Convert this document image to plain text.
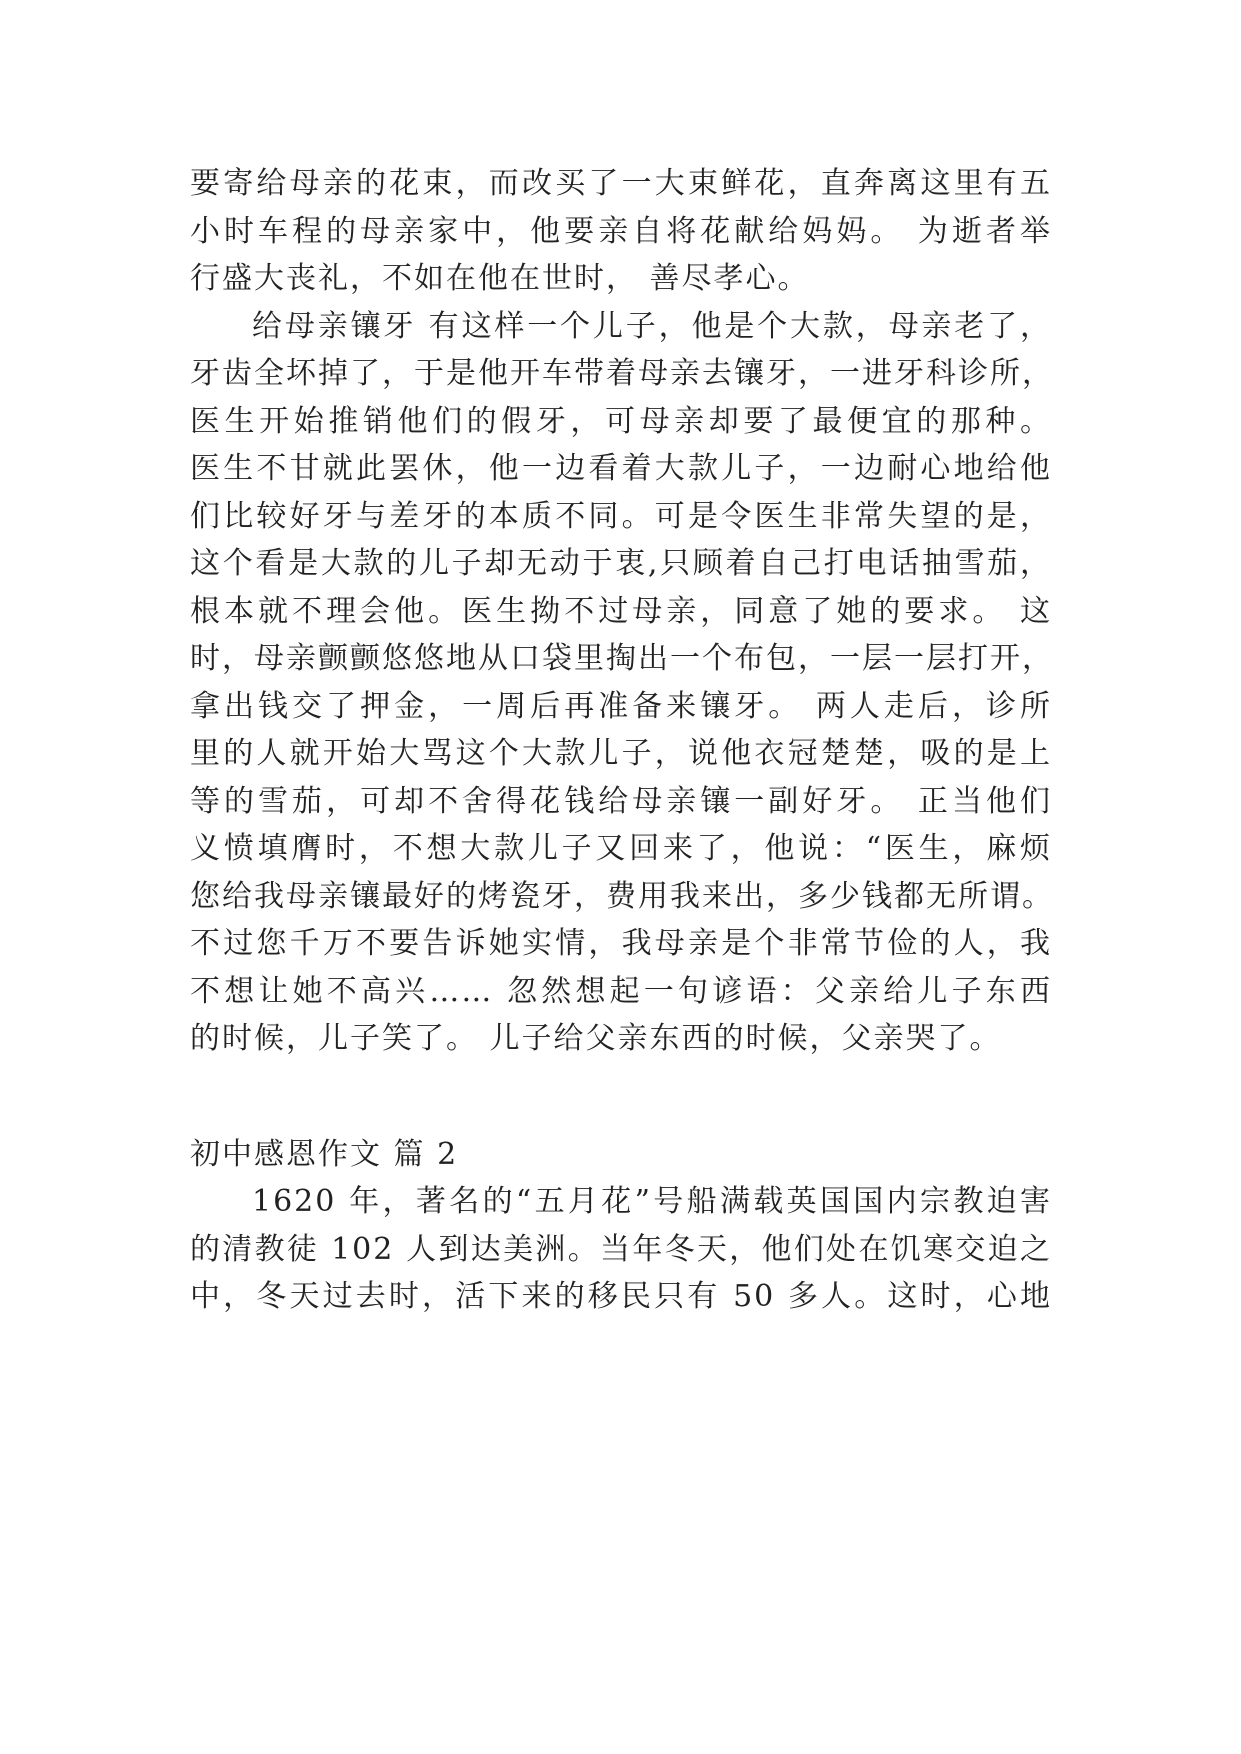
要寄给母亲的花束，而改买了一大束鲜花，直奔离这里有五
小时车程的母亲家中，他要亲自将花献给妈妈。 为逝者举
行盛大丧礼，不如在他在世时， 善尽孝心。
给母亲镶牙 有这样一个儿子，他是个大款，母亲老了，
牙齿全坏掉了，于是他开车带着母亲去镶牙，一进牙科诊所，
医生开始推销他们的假牙，可母亲却要了最便宜的那种。
医生不甘就此罢休，他一边看着大款儿子，一边耐心地给他
们比较好牙与差牙的本质不同。可是令医生非常失望的是，
这个看是大款的儿子却无动于衷,只顾着自己打电话抽雪茄，
根本就不理会他。医生拗不过母亲，同意了她的要求。 这
时，母亲颤颤悠悠地从口袋里掏出一个布包，一层一层打开，
拿出钱交了押金，一周后再准备来镶牙。 两人走后，诊所
里的人就开始大骂这个大款儿子，说他衣冠楚楚，吸的是上
等的雪茄，可却不舍得花钱给母亲镶一副好牙。 正当他们
义愤填膺时，不想大款儿子又回来了，他说：“医生，麻烦
您给我母亲镶最好的烤瓷牙，费用我来出，多少钱都无所谓。
不过您千万不要告诉她实情，我母亲是个非常节俭的人，我
不想让她不高兴…… 忽然想起一句谚语：父亲给儿子东西
的时候，儿子笑了。 儿子给父亲东西的时候，父亲哭了。
初中感恩作文 篇 2
1620 年，著名的“五月花”号船满载英国国内宗教迫害
的清教徒 102 人到达美洲。当年冬天，他们处在饥寒交迫之
中，冬天过去时，活下来的移民只有 50 多人。这时，心地
